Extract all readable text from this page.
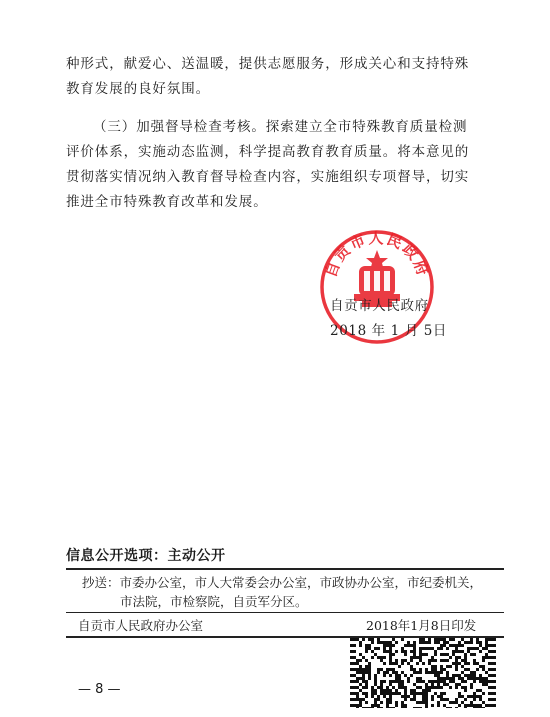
种形式，献爱心、送温暖，提供志愿服务，形成关心和支持特殊

教育发展的良好氛围。

（三）加强督导检查考核。探索建立全市特殊教育质量检测

评价体系，实施动态监测，科学提高教育教育质量。将本意见的

贯彻落实情况纳入教育督导检查内容，实施组织专项督导，切实

推进全市特殊教育改革和发展。

自贡市人民政府
自贡市人民政府
2018 年 1 月 5日
信息公开选项：主动公开
抄送：市委办公室，市人大常委会办公室，市政协办公室，市纪委机关，
市法院，市检察院，自贡军分区。
自贡市人民政府办公室	2018年1月8日印发
— 8 —
